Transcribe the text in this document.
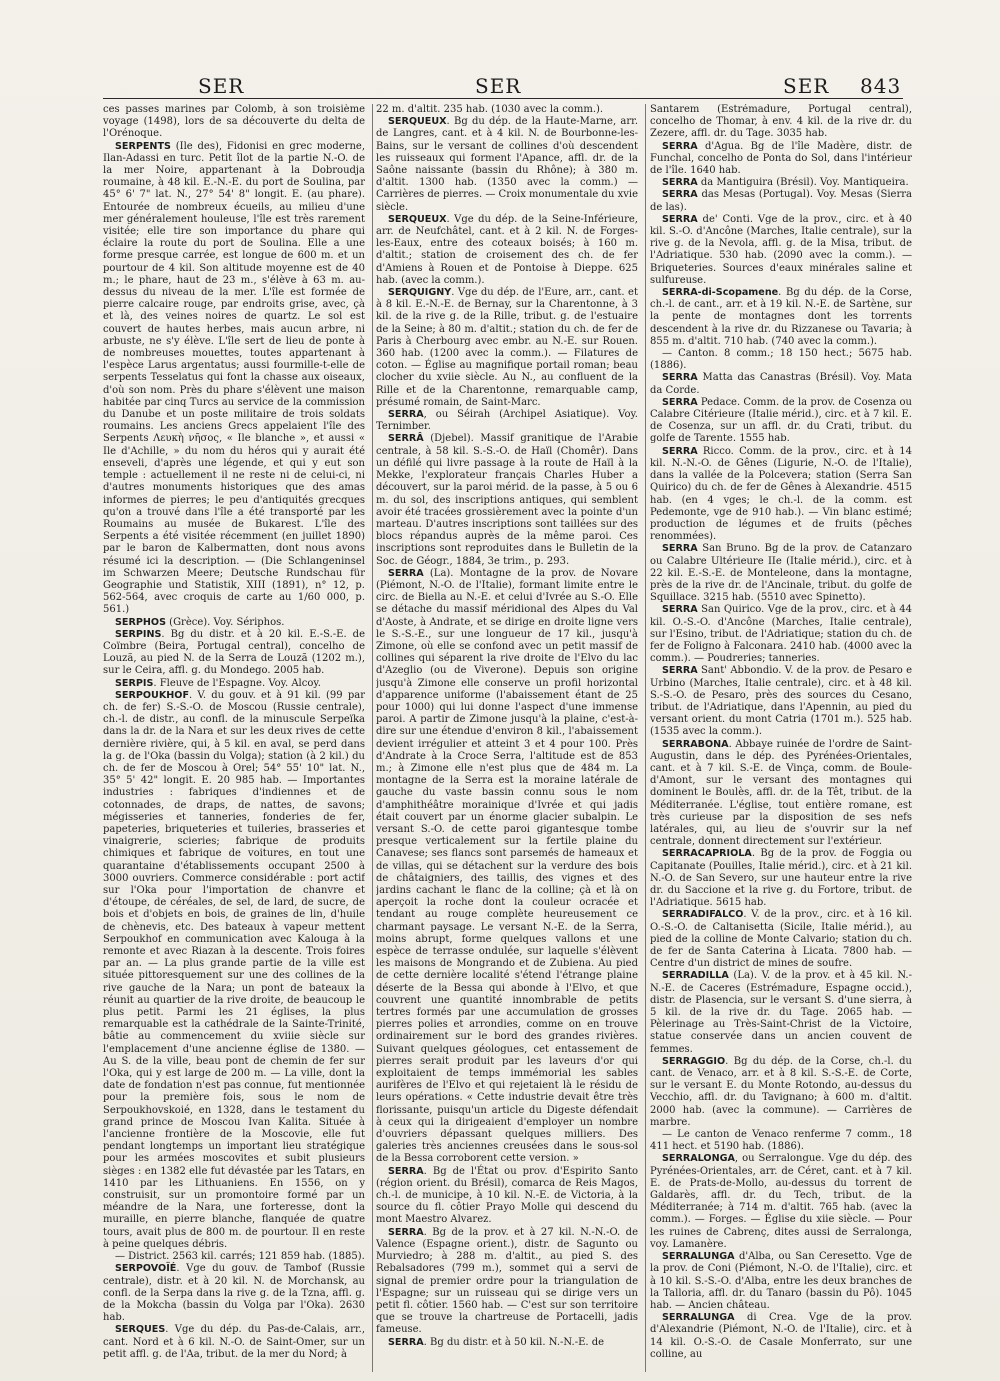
SER	SER	SER 843

ces passes marines par Colomb, à son troisième voyage (1498), lors de sa découverte du delta de l'Orénoque.

SERPENTS (Ile des), Fidonisi en grec moderne, Ilan-Adassi en turc. Petit îlot de la partie N.-O. de la mer Noire, appartenant à la Dobroudja roumaine, à 48 kil. E.-N.-E. du port de Soulina, par 45° 6' 7" lat. N., 27° 54' 8" longit. E. (au phare). Entourée de nombreux écueils, au milieu d'une mer généralement houleuse, l'île est très rarement visitée; elle tire son importance du phare qui éclaire la route du port de Soulina. Elle a une forme presque carrée, est longue de 600 m. et un pourtour de 4 kil. Son altitude moyenne est de 40 m.; le phare, haut de 23 m., s'élève à 63 m. au-dessus du niveau de la mer. L'île est formée de pierre calcaire rouge, par endroits grise, avec, çà et là, des veines noires de quartz. Le sol est couvert de hautes herbes, mais aucun arbre, ni arbuste, ne s'y élève. L'île sert de lieu de ponte à de nombreuses mouettes, toutes appartenant à l'espèce Larus argentatus; aussi fourmille-t-elle de serpents Tesselatus qui font la chasse aux oiseaux, d'où son nom. Près du phare s'élèvent une maison habitée par cinq Turcs au service de la commission du Danube et un poste militaire de trois soldats roumains. Les anciens Grecs appelaient l'île des Serpents Λευκὴ νῆσος, « Ile blanche », et aussi « Ile d'Achille, » du nom du héros qui y aurait été enseveli, d'après une légende, et qui y eut son temple : actuellement il ne reste ni de celui-ci, ni d'autres monuments historiques que des amas informes de pierres; le peu d'antiquités grecques qu'on a trouvé dans l'île a été transporté par les Roumains au musée de Bukarest. L'île des Serpents a été visitée récemment (en juillet 1890) par le baron de Kalbermatten, dont nous avons résumé ici la description. — (Die Schlangeninsel im Schwarzen Meere; Deutsche Rundschau für Geographie und Statistik, XIII (1891), n° 12, p. 562-564, avec croquis de carte au 1/60 000, p. 561.)

SERPHOS (Grèce). Voy. Sériphos.

SERPINS. Bg du distr. et à 20 kil. E.-S.-E. de Coïmbre (Beira, Portugal central), concelho de Louzã, au pied N. de la Serra de Louzã (1202 m.), sur le Ceira, affl. g. du Mondego. 2005 hab.

SERPIS. Fleuve de l'Espagne. Voy. Alcoy.

SERPOUKHOF. V. du gouv. et à 91 kil. (99 par ch. de fer) S.-S.-O. de Moscou (Russie centrale), ch.-l. de distr., au confl. de la minuscule Serpeïka dans la dr. de la Nara et sur les deux rives de cette dernière rivière, qui, à 5 kil. en aval, se perd dans la g. de l'Oka (bassin du Volga); station (à 2 kil.) du ch. de fer de Moscou à Orel; 54° 55' 10" lat. N., 35° 5' 42" longit. E. 20 985 hab. — Importantes industries : fabriques d'indiennes et de cotonnades, de draps, de nattes, de savons; mégisseries et tanneries, fonderies de fer, papeteries, briqueteries et tuileries, brasseries et vinaigrerie, scieries; fabrique de produits chimiques et fabrique de voitures, en tout une quarantaine d'établissements occupant 2500 à 3000 ouvriers. Commerce considérable : port actif sur l'Oka pour l'importation de chanvre et d'étoupe, de céréales, de sel, de lard, de sucre, de bois et d'objets en bois, de graines de lin, d'huile de chènevis, etc. Des bateaux à vapeur mettent Serpoukhof en communication avec Kalouga à la remonte et avec Riazan à la descente. Trois foires par an. — La plus grande partie de la ville est située pittoresquement sur une des collines de la rive gauche de la Nara; un pont de bateaux la réunit au quartier de la rive droite, de beaucoup le plus petit. Parmi les 21 églises, la plus remarquable est la cathédrale de la Sainte-Trinité, bâtie au commencement du xviiie siècle sur l'emplacement d'une ancienne église de 1380. — Au S. de la ville, beau pont de chemin de fer sur l'Oka, qui y est large de 200 m. — La ville, dont la date de fondation n'est pas connue, fut mentionnée pour la première fois, sous le nom de Serpoukhovskoié, en 1328, dans le testament du grand prince de Moscou Ivan Kalita. Située à l'ancienne frontière de la Moscovie, elle fut pendant longtemps un important lieu stratégique pour les armées moscovites et subit plusieurs sièges : en 1382 elle fut dévastée par les Tatars, en 1410 par les Lithuaniens. En 1556, on y construisit, sur un promontoire formé par un méandre de la Nara, une forteresse, dont la muraille, en pierre blanche, flanquée de quatre tours, avait plus de 800 m. de pourtour. Il en reste à peine quelques débris.

— District. 2563 kil. carrés; 121 859 hab. (1885).

SERPOVOÏÉ. Vge du gouv. de Tambof (Russie centrale), distr. et à 20 kil. N. de Morchansk, au confl. de la Serpa dans la rive g. de la Tzna, affl. g. de la Mokcha (bassin du Volga par l'Oka). 2630 hab.

SERQUES. Vge du dép. du Pas-de-Calais, arr., cant. Nord et à 6 kil. N.-O. de Saint-Omer, sur un petit affl. g. de l'Aa, tribut. de la mer du Nord; à

22 m. d'altit. 235 hab. (1030 avec la comm.).

SERQUEUX. Bg du dép. de la Haute-Marne, arr. de Langres, cant. et à 4 kil. N. de Bourbonne-les-Bains, sur le versant de collines d'où descendent les ruisseaux qui forment l'Apance, affl. dr. de la Saône naissante (bassin du Rhône); à 380 m. d'altit. 1300 hab. (1350 avec la comm.) — Carrières de pierres. — Croix monumentale du xvie siècle.

SERQUEUX. Vge du dép. de la Seine-Inférieure, arr. de Neufchâtel, cant. et à 2 kil. N. de Forges-les-Eaux, entre des coteaux boisés; à 160 m. d'altit.; station de croisement des ch. de fer d'Amiens à Rouen et de Pontoise à Dieppe. 625 hab. (avec la comm.).

SERQUIGNY. Vge du dép. de l'Eure, arr., cant. et à 8 kil. E.-N.-E. de Bernay, sur la Charentonne, à 3 kil. de la rive g. de la Rille, tribut. g. de l'estuaire de la Seine; à 80 m. d'altit.; station du ch. de fer de Paris à Cherbourg avec embr. au N.-E. sur Rouen. 360 hab. (1200 avec la comm.). — Filatures de coton. — Église au magnifique portail roman; beau clocher du xviie siècle. Au N., au confluent de la Rille et de la Charentonne, remarquable camp, présumé romain, de Saint-Marc.

SERRA, ou Séirah (Archipel Asiatique). Voy. Ternimber.

SERRÂ (Djebel). Massif granitique de l'Arabie centrale, à 58 kil. S.-S.-O. de Haïl (Chomêr). Dans un défilé qui livre passage à la route de Haïl à la Mekke, l'explorateur français Charles Huber a découvert, sur la paroi mérid. de la passe, à 5 ou 6 m. du sol, des inscriptions antiques, qui semblent avoir été tracées grossièrement avec la pointe d'un marteau. D'autres inscriptions sont taillées sur des blocs répandus auprès de la même paroi. Ces inscriptions sont reproduites dans le Bulletin de la Soc. de Géogr., 1884, 3e trim., p. 293.

SERRA (La). Montagne de la prov. de Novare (Piémont, N.-O. de l'Italie), formant limite entre le circ. de Biella au N.-E. et celui d'Ivrée au S.-O. Elle se détache du massif méridional des Alpes du Val d'Aoste, à Andrate, et se dirige en droite ligne vers le S.-S.-E., sur une longueur de 17 kil., jusqu'à Zimone, où elle se confond avec un petit massif de collines qui séparent la rive droite de l'Elvo du lac d'Azeglio (ou de Viverone). Depuis son origine jusqu'à Zimone elle conserve un profil horizontal d'apparence uniforme (l'abaissement étant de 25 pour 1000) qui lui donne l'aspect d'une immense paroi. A partir de Zimone jusqu'à la plaine, c'est-à-dire sur une étendue d'environ 8 kil., l'abaissement devient irrégulier et atteint 3 et 4 pour 100. Près d'Andrate à la Croce Serra, l'altitude est de 853 m.; à Zimone elle n'est plus que de 484 m. La montagne de la Serra est la moraine latérale de gauche du vaste bassin connu sous le nom d'amphithéâtre morainique d'Ivrée et qui jadis était couvert par un énorme glacier subalpin. Le versant S.-O. de cette paroi gigantesque tombe presque verticalement sur la fertile plaine du Canavese; ses flancs sont parsemés de hameaux et de villas, qui se détachent sur la verdure des bois de châtaigniers, des taillis, des vignes et des jardins cachant le flanc de la colline; çà et là on aperçoit la roche dont la couleur ocracée et tendant au rouge complète heureusement ce charmant paysage. Le versant N.-E. de la Serra, moins abrupt, forme quelques vallons et une espèce de terrasse ondulée, sur laquelle s'élèvent les maisons de Mongrando et de Zubiena. Au pied de cette dernière localité s'étend l'étrange plaine déserte de la Bessa qui abonde à l'Elvo, et que couvrent une quantité innombrable de petits tertres formés par une accumulation de grosses pierres polies et arrondies, comme on en trouve ordinairement sur le bord des grandes rivières. Suivant quelques géologues, cet entassement de pierres serait produit par les laveurs d'or qui exploitaient de temps immémorial les sables aurifères de l'Elvo et qui rejetaient là le résidu de leurs opérations. « Cette industrie devait être très florissante, puisqu'un article du Digeste défendait à ceux qui la dirigeaient d'employer un nombre d'ouvriers dépassant quelques milliers. Des galeries très anciennes creusées dans le sous-sol de la Bessa corroborent cette version. »

SERRA. Bg de l'État ou prov. d'Espirito Santo (région orient. du Brésil), comarca de Reis Magos, ch.-l. de municipe, à 10 kil. N.-E. de Victoria, à la source du fl. côtier Prayo Molle qui descend du mont Maestro Alvarez.

SERRA. Bg de la prov. et à 27 kil. N.-N.-O. de Valence (Espagne orient.), distr. de Sagunto ou Murviedro; à 288 m. d'altit., au pied S. des Rebalsadores (799 m.), sommet qui a servi de signal de premier ordre pour la triangulation de l'Espagne; sur un ruisseau qui se dirige vers un petit fl. côtier. 1560 hab. — C'est sur son territoire que se trouve la chartreuse de Portacelli, jadis fameuse.

SERRA. Bg du distr. et à 50 kil. N.-N.-E. de

Santarem (Estrémadure, Portugal central), concelho de Thomar, à env. 4 kil. de la rive dr. du Zezere, affl. dr. du Tage. 3035 hab.

SERRA d'Agua. Bg de l'île Madère, distr. de Funchal, concelho de Ponta do Sol, dans l'intérieur de l'île. 1640 hab.

SERRA da Mantiguira (Brésil). Voy. Mantiqueira.

SERRA das Mesas (Portugal). Voy. Mesas (Sierra de las).

SERRA de' Conti. Vge de la prov., circ. et à 40 kil. S.-O. d'Ancône (Marches, Italie centrale), sur la rive g. de la Nevola, affl. g. de la Misa, tribut. de l'Adriatique. 530 hab. (2090 avec la comm.). — Briqueteries. Sources d'eaux minérales saline et sulfureuse.

SERRA-di-Scopamene. Bg du dép. de la Corse, ch.-l. de cant., arr. et à 19 kil. N.-E. de Sartène, sur la pente de montagnes dont les torrents descendent à la rive dr. du Rizzanese ou Tavaria; à 855 m. d'altit. 710 hab. (740 avec la comm.).

— Canton. 8 comm.; 18 150 hect.; 5675 hab. (1886).

SERRA Matta das Canastras (Brésil). Voy. Mata da Corde.

SERRA Pedace. Comm. de la prov. de Cosenza ou Calabre Citérieure (Italie mérid.), circ. et à 7 kil. E. de Cosenza, sur un affl. dr. du Crati, tribut. du golfe de Tarente. 1555 hab.

SERRA Ricco. Comm. de la prov., circ. et à 14 kil. N.-N.-O. de Gênes (Ligurie, N.-O. de l'Italie), dans la vallée de la Polcevera; station (Serra San Quirico) du ch. de fer de Gênes à Alexandrie. 4515 hab. (en 4 vges; le ch.-l. de la comm. est Pedemonte, vge de 910 hab.). — Vin blanc estimé; production de légumes et de fruits (pêches renommées).

SERRA San Bruno. Bg de la prov. de Catanzaro ou Calabre Ultérieure IIe (Italie mérid.), circ. et à 22 kil. E.-S.-E. de Monteleone, dans la montagne, près de la rive dr. de l'Ancinale, tribut. du golfe de Squillace. 3215 hab. (5510 avec Spinetto).

SERRA San Quirico. Vge de la prov., circ. et à 44 kil. O.-S.-O. d'Ancône (Marches, Italie centrale), sur l'Esino, tribut. de l'Adriatique; station du ch. de fer de Foligno à Falconara. 2410 hab. (4000 avec la comm.). — Poudreries; tanneries.

SERRA Sant' Abbondio. V. de la prov. de Pesaro e Urbino (Marches, Italie centrale), circ. et à 48 kil. S.-S.-O. de Pesaro, près des sources du Cesano, tribut. de l'Adriatique, dans l'Apennin, au pied du versant orient. du mont Catria (1701 m.). 525 hab. (1535 avec la comm.).

SERRABONA. Abbaye ruinée de l'ordre de Saint-Augustin, dans le dép. des Pyrénées-Orientales, cant. et à 7 kil. S.-E. de Vinça, comm. de Boule-d'Amont, sur le versant des montagnes qui dominent le Boulès, affl. dr. de la Têt, tribut. de la Méditerranée. L'église, tout entière romane, est très curieuse par la disposition de ses nefs latérales, qui, au lieu de s'ouvrir sur la nef centrale, donnent directement sur l'extérieur.

SERRACAPRIOLA. Bg de la prov. de Foggia ou Capitanate (Pouilles, Italie mérid.), circ. et à 21 kil. N.-O. de San Severo, sur une hauteur entre la rive dr. du Saccione et la rive g. du Fortore, tribut. de l'Adriatique. 5615 hab.

SERRADIFALCO. V. de la prov., circ. et à 16 kil. O.-S.-O. de Caltanisetta (Sicile, Italie mérid.), au pied de la colline de Monte Calvario; station du ch. de fer de Santa Caterina à Licata. 7800 hab. — Centre d'un district de mines de soufre.

SERRADILLA (La). V. de la prov. et à 45 kil. N.-N.-E. de Caceres (Estrémadure, Espagne occid.), distr. de Plasencia, sur le versant S. d'une sierra, à 5 kil. de la rive dr. du Tage. 2065 hab. — Pèlerinage au Très-Saint-Christ de la Victoire, statue conservée dans un ancien couvent de femmes.

SERRAGGIO. Bg du dép. de la Corse, ch.-l. du cant. de Venaco, arr. et à 8 kil. S.-S.-E. de Corte, sur le versant E. du Monte Rotondo, au-dessus du Vecchio, affl. dr. du Tavignano; à 600 m. d'altit. 2000 hab. (avec la commune). — Carrières de marbre.

— Le canton de Venaco renferme 7 comm., 18 411 hect. et 5190 hab. (1886).

SERRALONGA, ou Serralongue. Vge du dép. des Pyrénées-Orientales, arr. de Céret, cant. et à 7 kil. E. de Prats-de-Mollo, au-dessus du torrent de Galdarès, affl. dr. du Tech, tribut. de la Méditerranée; à 714 m. d'altit. 765 hab. (avec la comm.). — Forges. — Église du xiie siècle. — Pour les ruines de Cabrenç, dites aussi de Serralonga, voy. Lamanère.

SERRALUNGA d'Alba, ou San Ceresetto. Vge de la prov. de Coni (Piémont, N.-O. de l'Italie), circ. et à 10 kil. S.-S.-O. d'Alba, entre les deux branches de la Talloria, affl. dr. du Tanaro (bassin du Pô). 1045 hab. — Ancien château.

SERRALUNGA di Crea. Vge de la prov. d'Alexandrie (Piémont, N.-O. de l'Italie), circ. et à 14 kil. O.-S.-O. de Casale Monferrato, sur une colline, au
